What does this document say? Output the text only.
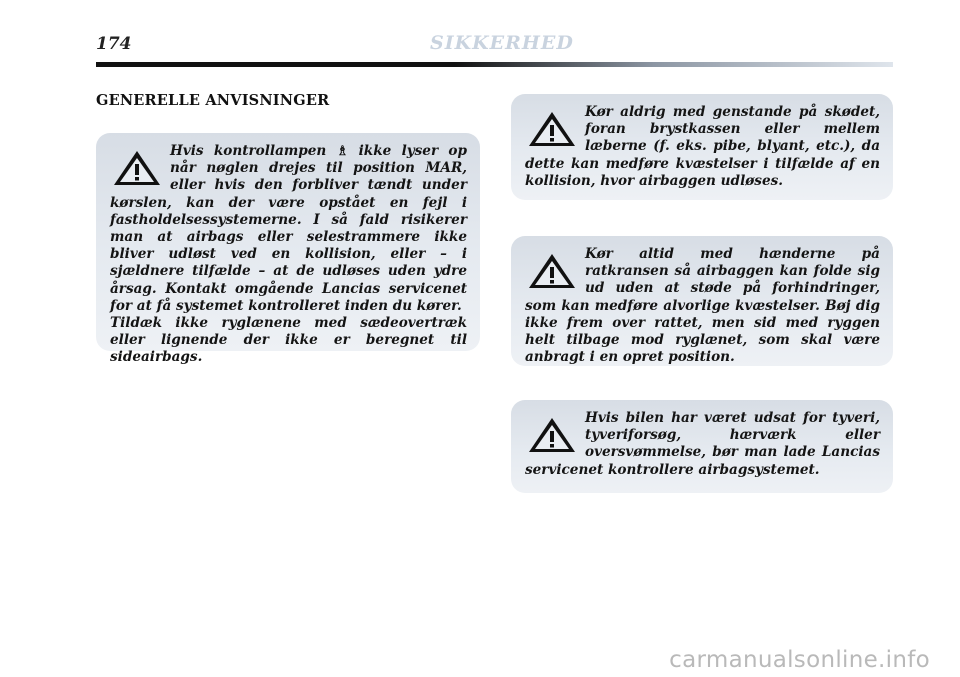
174	SIKKERHED
GENERELLE ANVISNINGER
Hvis kontrollampen ♗ ikke lyser op når nøglen drejes til position MAR, eller hvis den forbliver tændt under kørslen, kan der være opstået en fejl i fastholdelsessystemerne. I så fald risikerer man at airbags eller selestrammere ikke bliver udløst ved en kollision, eller – i sjældnere tilfælde – at de udløses uden ydre årsag. Kontakt omgående Lancias servicenet for at få systemet kontrolleret inden du kører.
Tildæk ikke ryglænene med sædeovertræk eller lignende der ikke er beregnet til sideairbags.
Kør aldrig med genstande på skødet, foran brystkassen eller mellem læberne (f. eks. pibe, blyant, etc.), da dette kan medføre kvæstelser i tilfælde af en kollision, hvor airbaggen udløses.
Kør altid med hænderne på ratkransen så airbaggen kan folde sig ud uden at støde på forhindringer, som kan medføre alvorlige kvæstelser. Bøj dig ikke frem over rattet, men sid med ryggen helt tilbage mod ryglænet, som skal være anbragt i en opret position.
Hvis bilen har været udsat for tyveri, tyveriforsøg, hærværk eller oversvømmelse, bør man lade Lancias servicenet kontrollere airbagsystemet.
carmanualsonline.info
